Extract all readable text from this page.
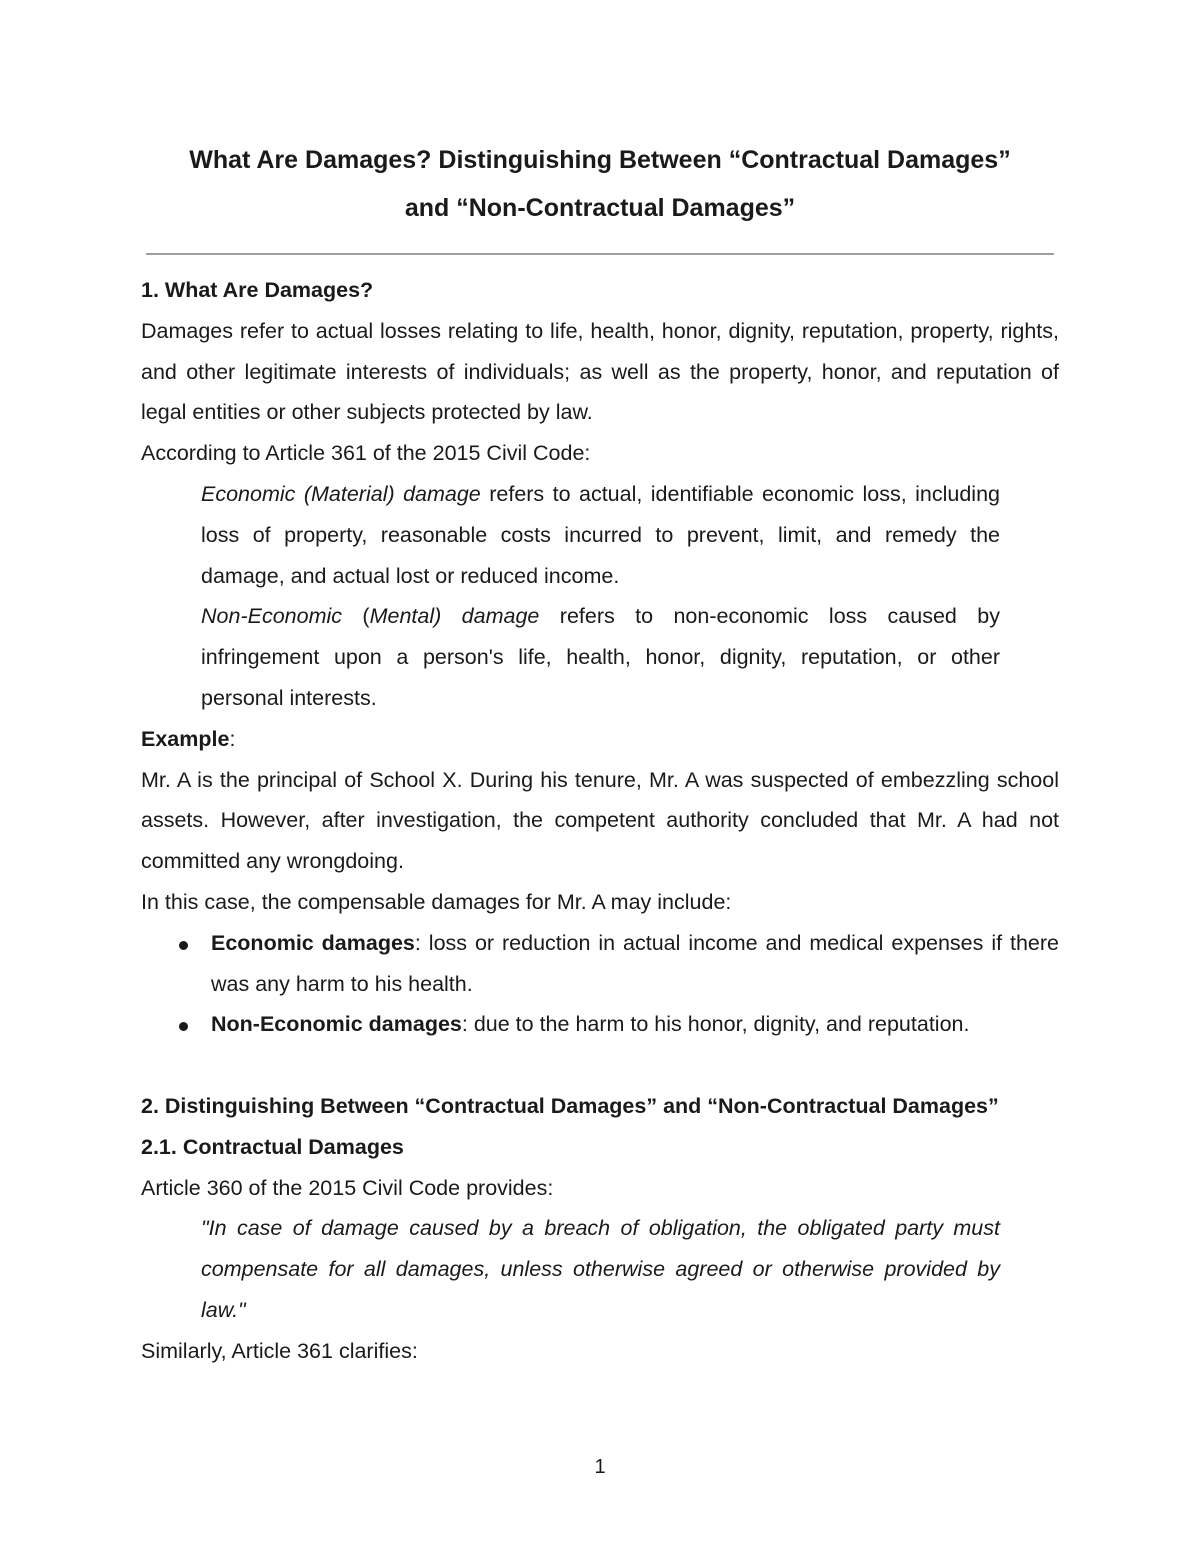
What Are Damages? Distinguishing Between “Contractual Damages”
and “Non-Contractual Damages”

1. What Are Damages?

Damages refer to actual losses relating to life, health, honor, dignity, reputation, property, rights, and other legitimate interests of individuals; as well as the property, honor, and reputation of legal entities or other subjects protected by law.

According to Article 361 of the 2015 Civil Code:

Economic (Material) damage refers to actual, identifiable economic loss, including loss of property, reasonable costs incurred to prevent, limit, and remedy the damage, and actual lost or reduced income.

Non-Economic (Mental) damage refers to non-economic loss caused by infringement upon a person's life, health, honor, dignity, reputation, or other personal interests.

Example:

Mr. A is the principal of School X. During his tenure, Mr. A was suspected of embezzling school assets. However, after investigation, the competent authority concluded that Mr. A had not committed any wrongdoing.

In this case, the compensable damages for Mr. A may include:

Economic damages: loss or reduction in actual income and medical expenses if there was any harm to his health.
Non-Economic damages: due to the harm to his honor, dignity, and reputation.

2. Distinguishing Between “Contractual Damages” and “Non-Contractual Damages”

2.1. Contractual Damages

Article 360 of the 2015 Civil Code provides:

"In case of damage caused by a breach of obligation, the obligated party must compensate for all damages, unless otherwise agreed or otherwise provided by law."

Similarly, Article 361 clarifies:

1
